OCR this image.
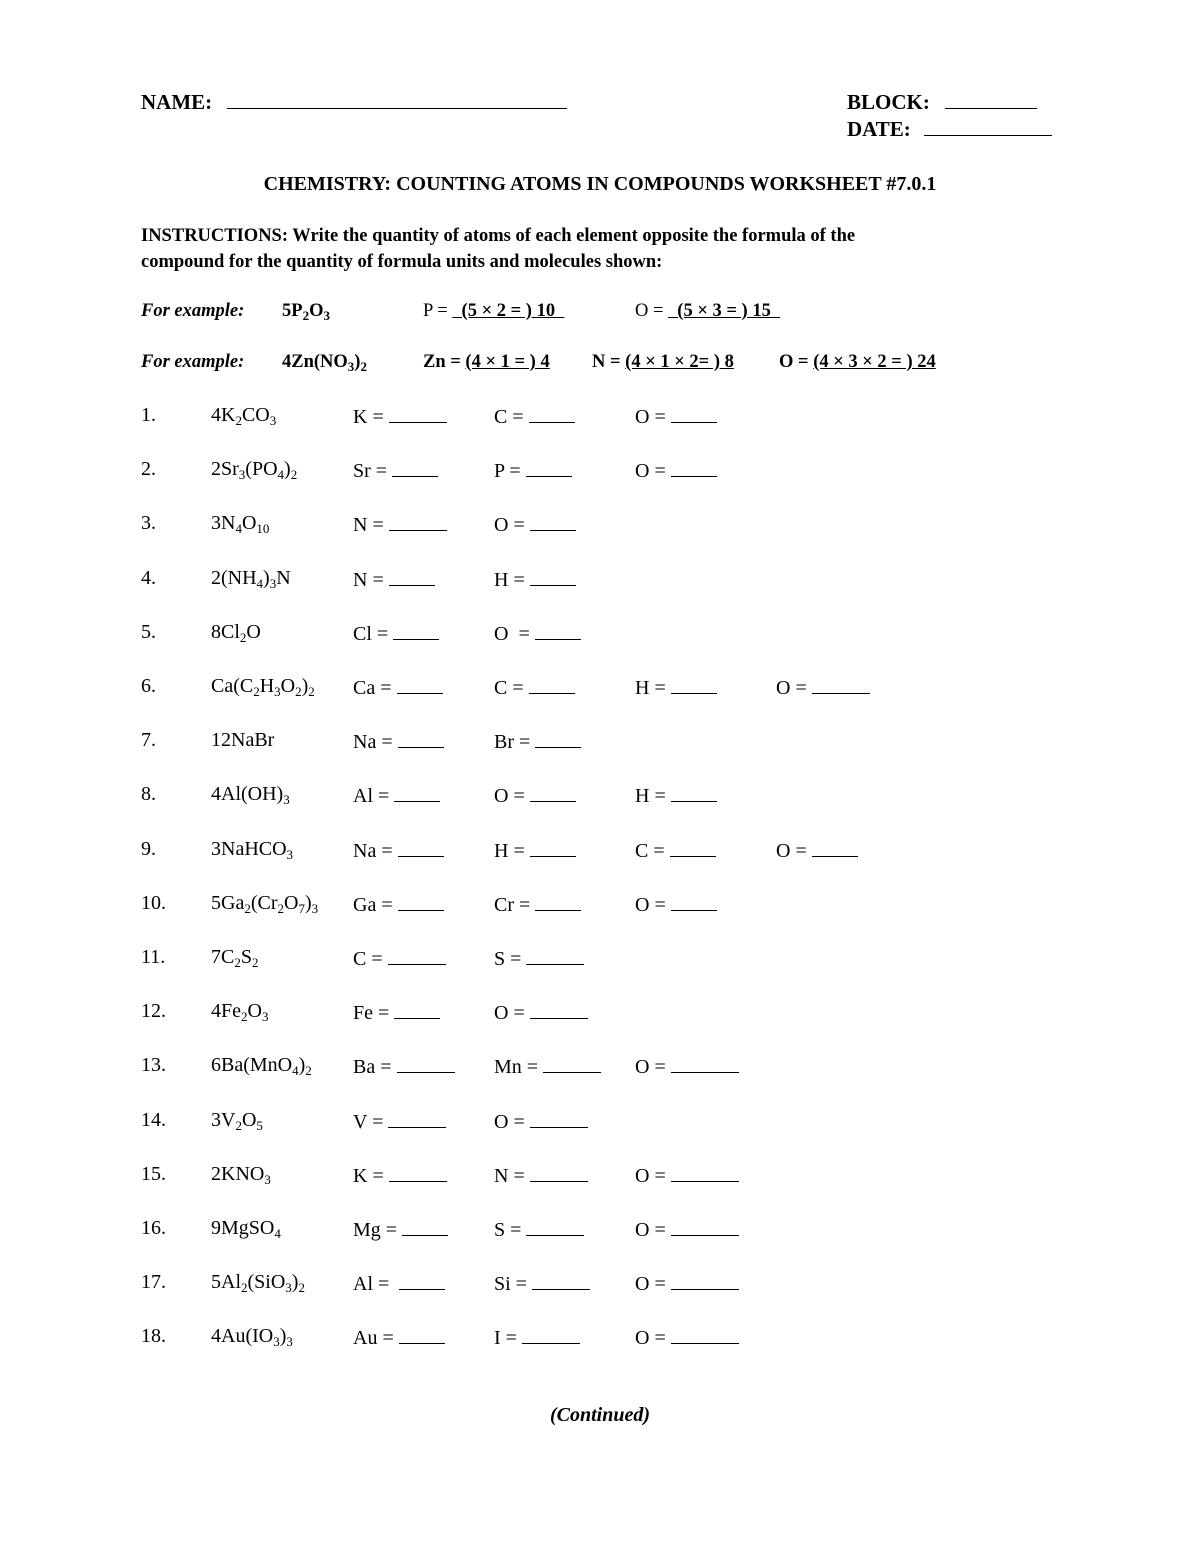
NAME:	BLOCK:
DATE:
CHEMISTRY: COUNTING ATOMS IN COMPOUNDS WORKSHEET #7.0.1
INSTRUCTIONS: Write the quantity of atoms of each element opposite the formula of the
compound for the quantity of formula units and molecules shown:
For example: $5P_2O_3$	P =   (5 × 2 = ) 10	O =   (5 × 3 = ) 15
For example: $4Zn(NO_3)_2$	Zn = (4 × 1 = ) 4 N = (4 × 1 × 2= ) 8 O = (4 × 3 × 2 = ) 24
1.	$4K_2CO_3$	K =	C =	O =
2.	$2Sr_3(PO_4)_2$	Sr =	P =	O =
3.	$3N_4O_{10}$	N =	O =
4.	$2(NH_4)_3N$	N =	H =
5.	$8Cl_2O$	Cl =	O  =
6.	$Ca(C_2H_3O_2)_2$ Ca =	C =	H =	O =
7.	12NaBr	Na =	Br =
8.	$4Al(OH)_3$	Al =	O =	H =
9.	3NaHCO$_3$	Na =	H =	C =	O =
10. $5Ga_2(Cr_2O_7)_3$ Ga =	Cr =	O =
11. $7C_2S_2$	C =	S =
12. $4Fe_2O_3$	Fe =	O =
13. $6Ba(MnO_4)_2$ Ba =	Mn =	O =
14. $3V_2O_5$	V =	O =
15. $2KNO_3$	K =	N =	O =
16. 9MgSO$_4$	Mg =	S =	O =
17. $5Al_2(SiO_3)_2$ Al =	Si =	O =
18. $4Au(IO_3)_3$	Au =	I =	O =
(Continued)
